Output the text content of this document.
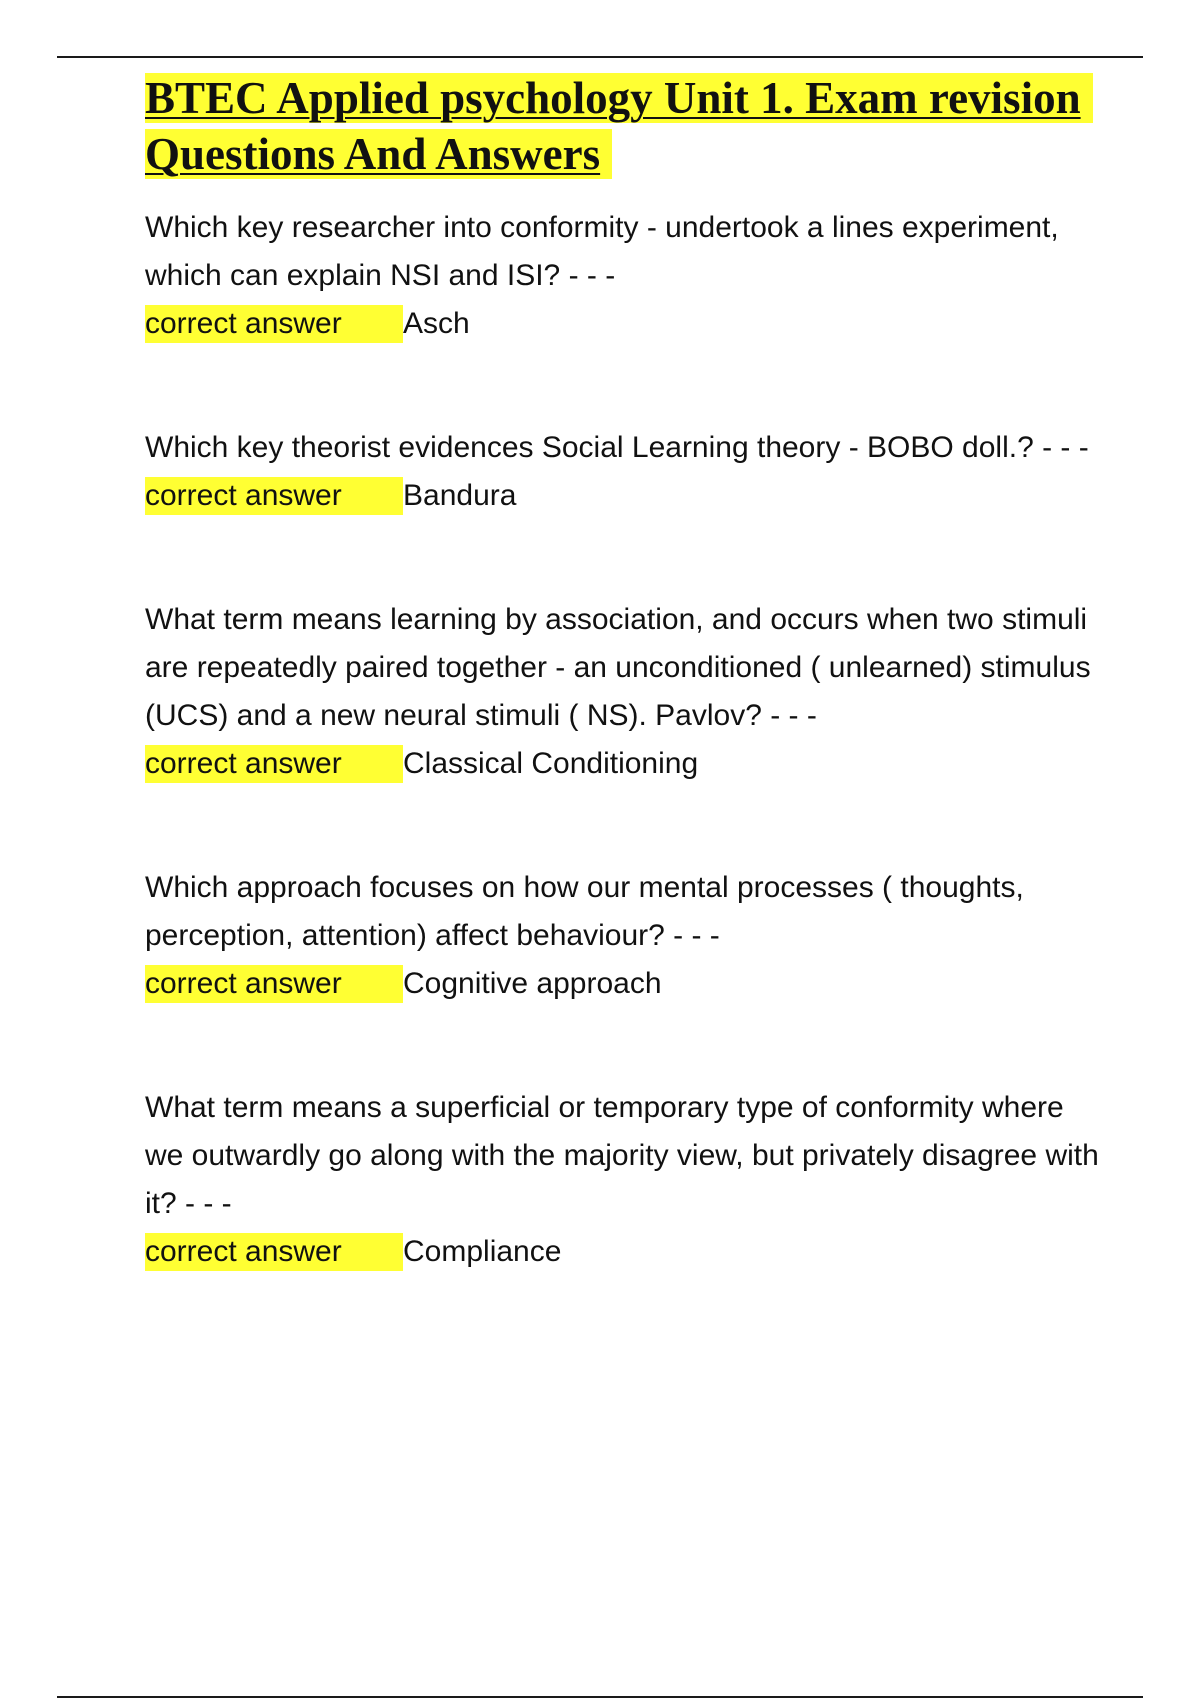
BTEC Applied psychology Unit 1. Exam revision Questions And Answers

Which key researcher into conformity - undertook a lines experiment, which can explain NSI and ISI? - - -

correct answer	Asch

Which key theorist evidences Social Learning theory - BOBO doll.? - - -

correct answer	Bandura

What term means learning by association, and occurs when two stimuli are repeatedly paired together - an unconditioned ( unlearned) stimulus (UCS) and a new neural stimuli ( NS). Pavlov? - - -

correct answer	Classical Conditioning

Which approach focuses on how our mental processes ( thoughts, perception, attention) affect behaviour? - - -

correct answer	Cognitive approach

What term means a superficial or temporary type of conformity where we outwardly go along with the majority view, but privately disagree with it? - - -

correct answer	Compliance
